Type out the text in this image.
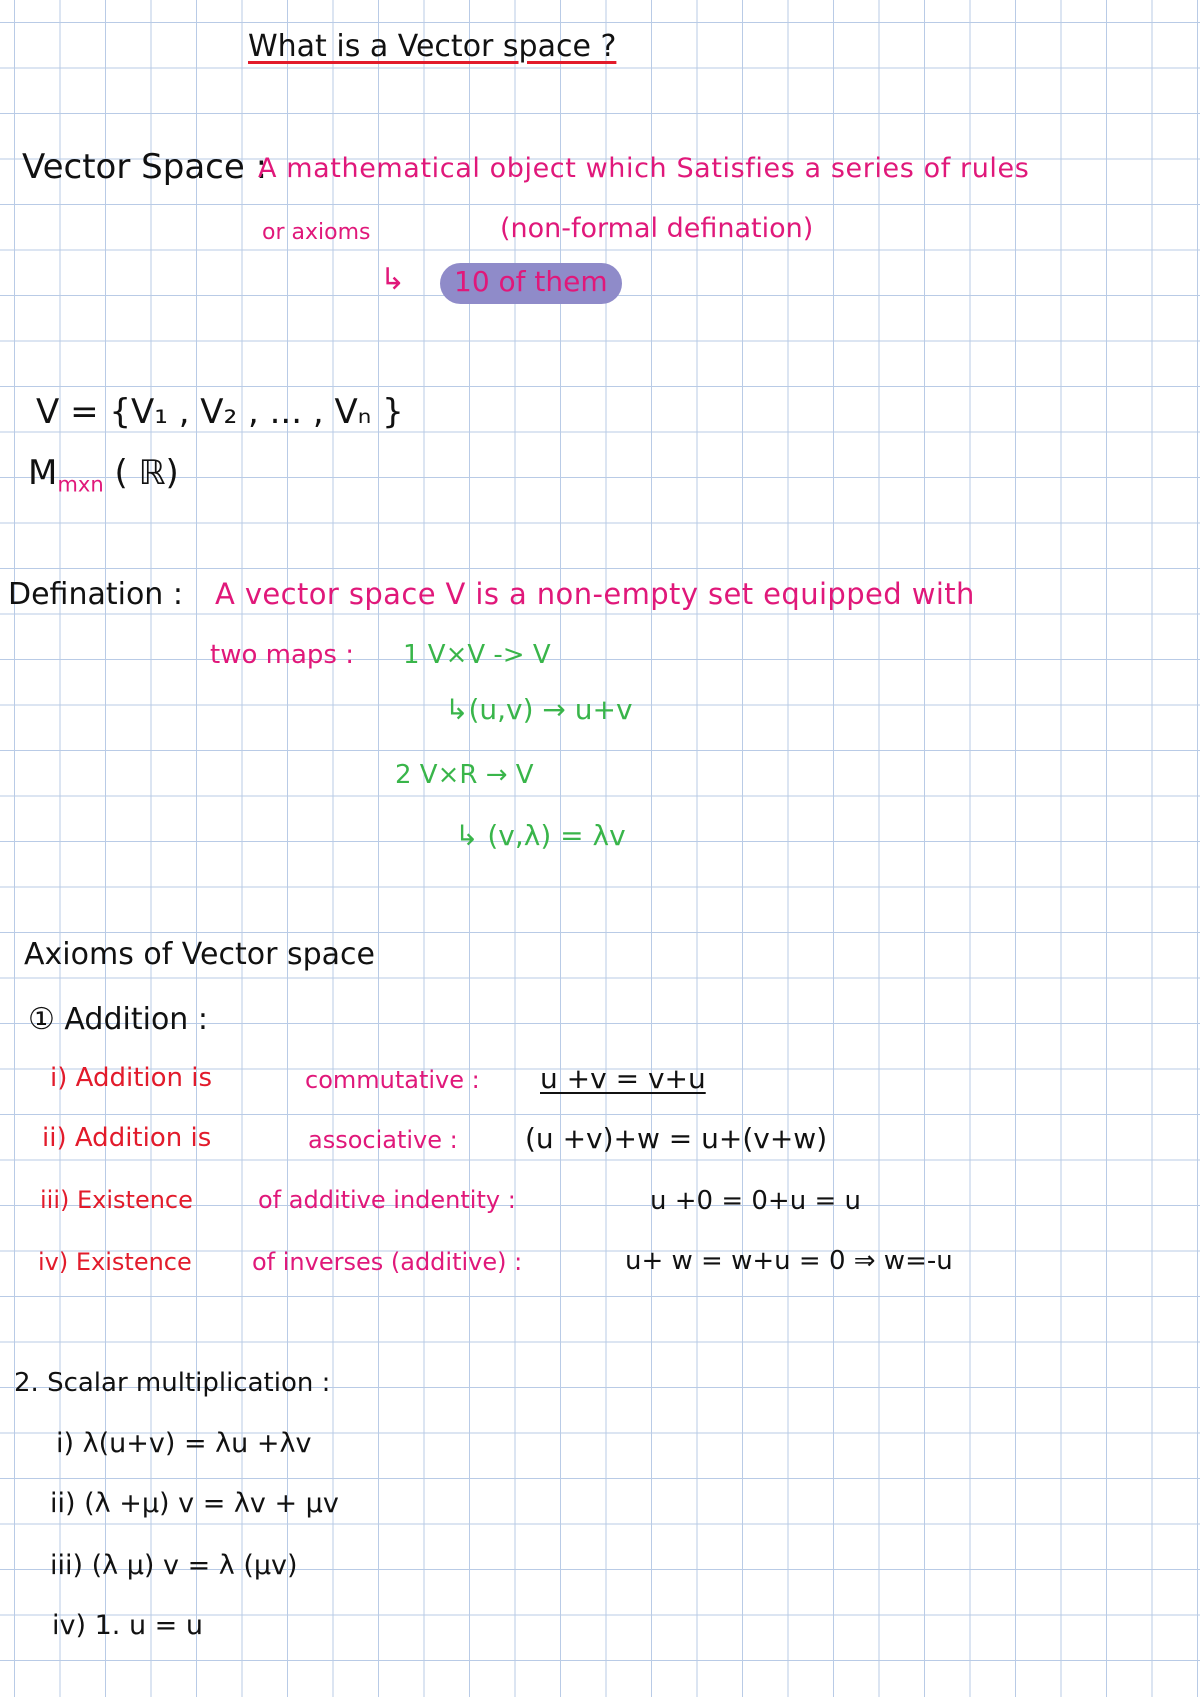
What is a Vector space ?
Vector Space :
A mathematical object which Satisfies a series of rules
or axioms	(non-formal defination)
↳	10 of them
V = {V₁ , V₂ , ... , Vₙ }
$M_{mxn}$ ( ℝ)
Defination : A vector space V is a non-empty set equipped with
two maps : 1 V×V -> V
↳(u,v) → u+v
2 V×R → V
↳ (v,λ) = λv
Axioms of Vector space
① Addition :
i) Addition is	commutative : u +v = v+u
ii) Addition is	associative : (u +v)+w = u+(v+w)
iii) Existence	of additive indentity :	u +0 = 0+u = u
iv) Existence	of inverses (additive) :	u+ w = w+u = 0 ⇒ w=-u
2. Scalar multiplication :
i) λ(u+v) = λu +λv
ii) (λ +μ) v = λv + μv
iii) (λ μ) v = λ (μv)
iv) 1. u = u
